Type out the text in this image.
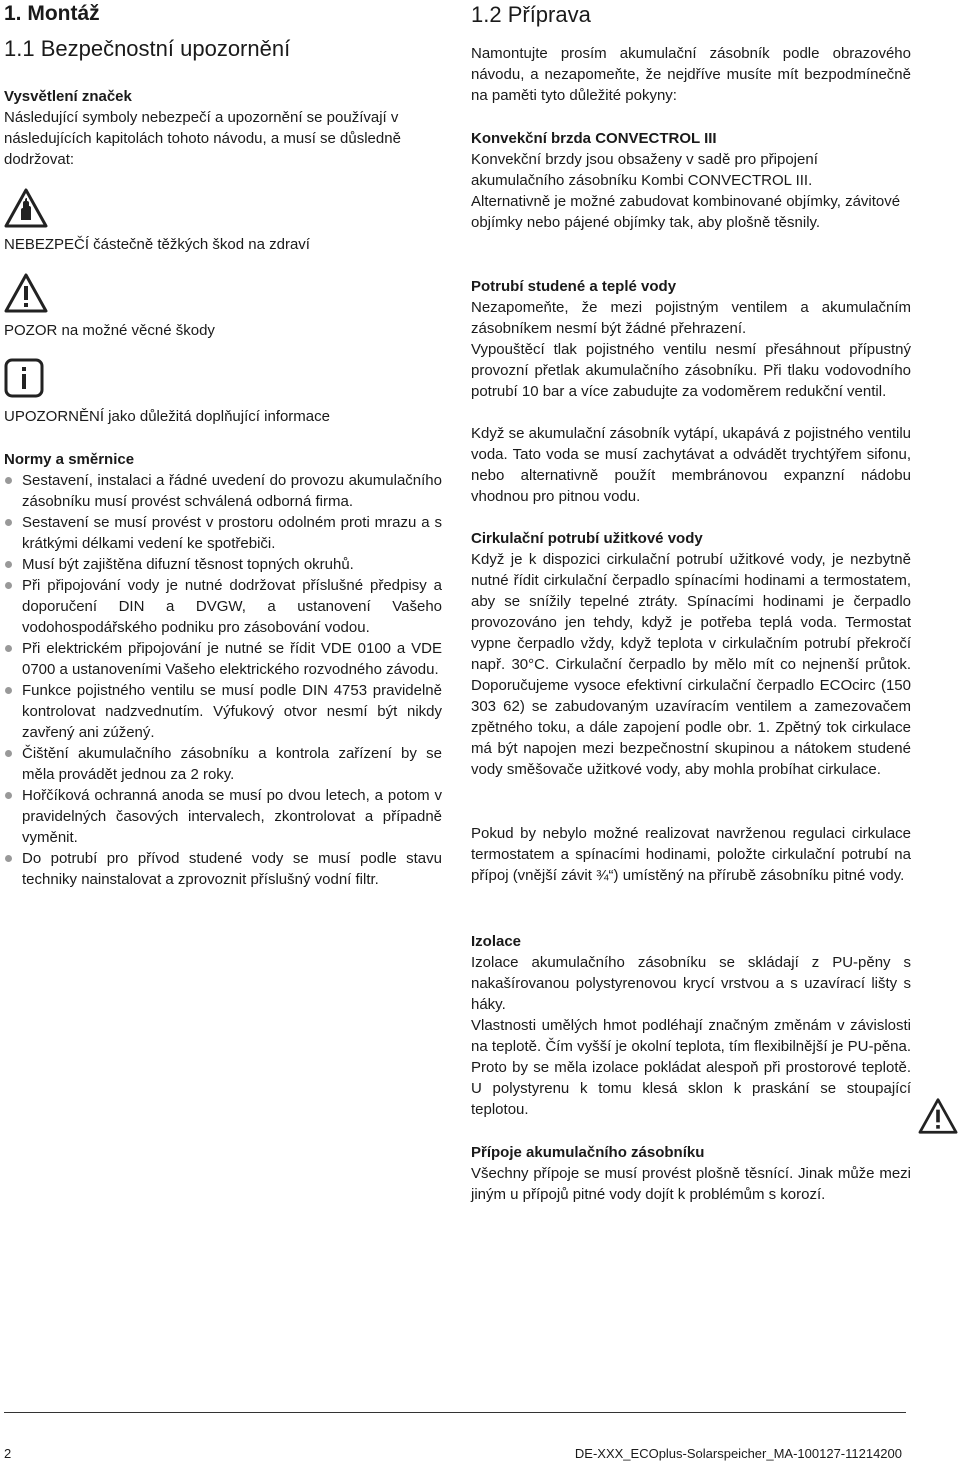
1. Montáž
1.1 Bezpečnostní upozornění

Vysvětlení značek

Následující symboly nebezpečí a upozornění se používají v následujících kapitolách tohoto návodu, a musí se důsledně dodržovat:

NEBEZPEČÍ částečně těžkých škod na zdraví

POZOR na možné věcné škody

UPOZORNĚNÍ jako důležitá doplňující informace

Normy a směrnice

Sestavení, instalaci a řádné uvedení do provozu akumulačního zásobníku musí provést schválená odborná firma.
Sestavení se musí provést v prostoru odolném proti mrazu a s krátkými délkami vedení ke spotřebiči.
Musí být zajištěna difuzní těsnost topných okruhů.
Při připojování vody je nutné dodržovat příslušné předpisy a doporučení DIN a DVGW, a ustanovení Vašeho vodohospodářského podniku pro zásobování vodou.
Při elektrickém připojování je nutné se řídit VDE 0100 a VDE 0700 a ustanoveními Vašeho elektrického rozvodného závodu.
Funkce pojistného ventilu se musí podle DIN 4753 pravidelně kontrolovat nadzvednutím. Výfukový otvor nesmí být nikdy zavřený ani zúžený.
Čištění akumulačního zásobníku a kontrola zařízení by se měla provádět jednou za 2 roky.
Hořčíková ochranná anoda se musí po dvou letech, a potom v pravidelných časových intervalech, zkontrolovat a případně vyměnit.
Do potrubí pro přívod studené vody se musí podle stavu techniky nainstalovat a zprovoznit příslušný vodní filtr.
1.2 Příprava

Namontujte prosím akumulační zásobník podle obrazového návodu, a nezapomeňte, že nejdříve musíte mít bezpodmínečně na paměti tyto důležité pokyny:

Konvekční brzda CONVECTROL III

Konvekční brzdy jsou obsaženy v sadě pro připojení akumulačního zásobníku Kombi CONVECTROL III.

Alternativně je možné zabudovat kombinované objímky, závitové objímky nebo pájené objímky tak, aby plošně těsnily.

Potrubí studené a teplé vody

Nezapomeňte, že mezi pojistným ventilem a akumulačním zásobníkem nesmí být žádné přehrazení.

Vypouštěcí tlak pojistného ventilu nesmí přesáhnout přípustný provozní přetlak akumulačního zásobníku. Při tlaku vodovodního potrubí 10 bar a více zabudujte za vodoměrem redukční ventil.

Když se akumulační zásobník vytápí, ukapává z pojistného ventilu voda. Tato voda se musí zachytávat a odvádět trychtýřem sifonu, nebo alternativně použít membránovou expanzní nádobu vhodnou pro pitnou vodu.

Cirkulační potrubí užitkové vody

Když je k dispozici cirkulační potrubí užitkové vody, je nezbytně nutné řídit cirkulační čerpadlo spínacími hodinami a termostatem, aby se snížily tepelné ztráty. Spínacími hodinami je čerpadlo provozováno jen tehdy, když je potřeba teplá voda. Termostat vypne čerpadlo vždy, když teplota v cirkulačním potrubí překročí např. 30°C. Cirkulační čerpadlo by mělo mít co nejnenší průtok. Doporučujeme vysoce efektivní cirkulační čerpadlo ECOcirc (150 303 62) se zabudovaným uzavíracím ventilem a zamezovačem zpětného toku, a dále zapojení podle obr. 1. Zpětný tok cirkulace má být napojen mezi bezpečnostní skupinou a nátokem studené vody směšovače užitkové vody, aby mohla probíhat cirkulace.

Pokud by nebylo možné realizovat navrženou regulaci cirkulace termostatem a spínacími hodinami, položte cirkulační potrubí na přípoj (vnější závit ¾“) umístěný na přírubě zásobníku pitné vody.

Izolace

Izolace akumulačního zásobníku se skládají z PU-pěny s nakašírovanou polystyrenovou krycí vrstvou a s uzavírací lišty s háky.

Vlastnosti umělých hmot podléhají značným změnám v závislosti na teplotě. Čím vyšší je okolní teplota, tím flexibilnější je PU-pěna. Proto by se měla izolace pokládat alespoň při prostorové teplotě. U polystyrenu k tomu klesá sklon k praskání se stoupající teplotou.

Přípoje akumulačního zásobníku

Všechny přípoje se musí provést plošně těsnící. Jinak může mezi jiným u přípojů pitné vody dojít k problémům s korozí.

2	DE-XXX_ECOplus-Solarspeicher_MA-100127-11214200
